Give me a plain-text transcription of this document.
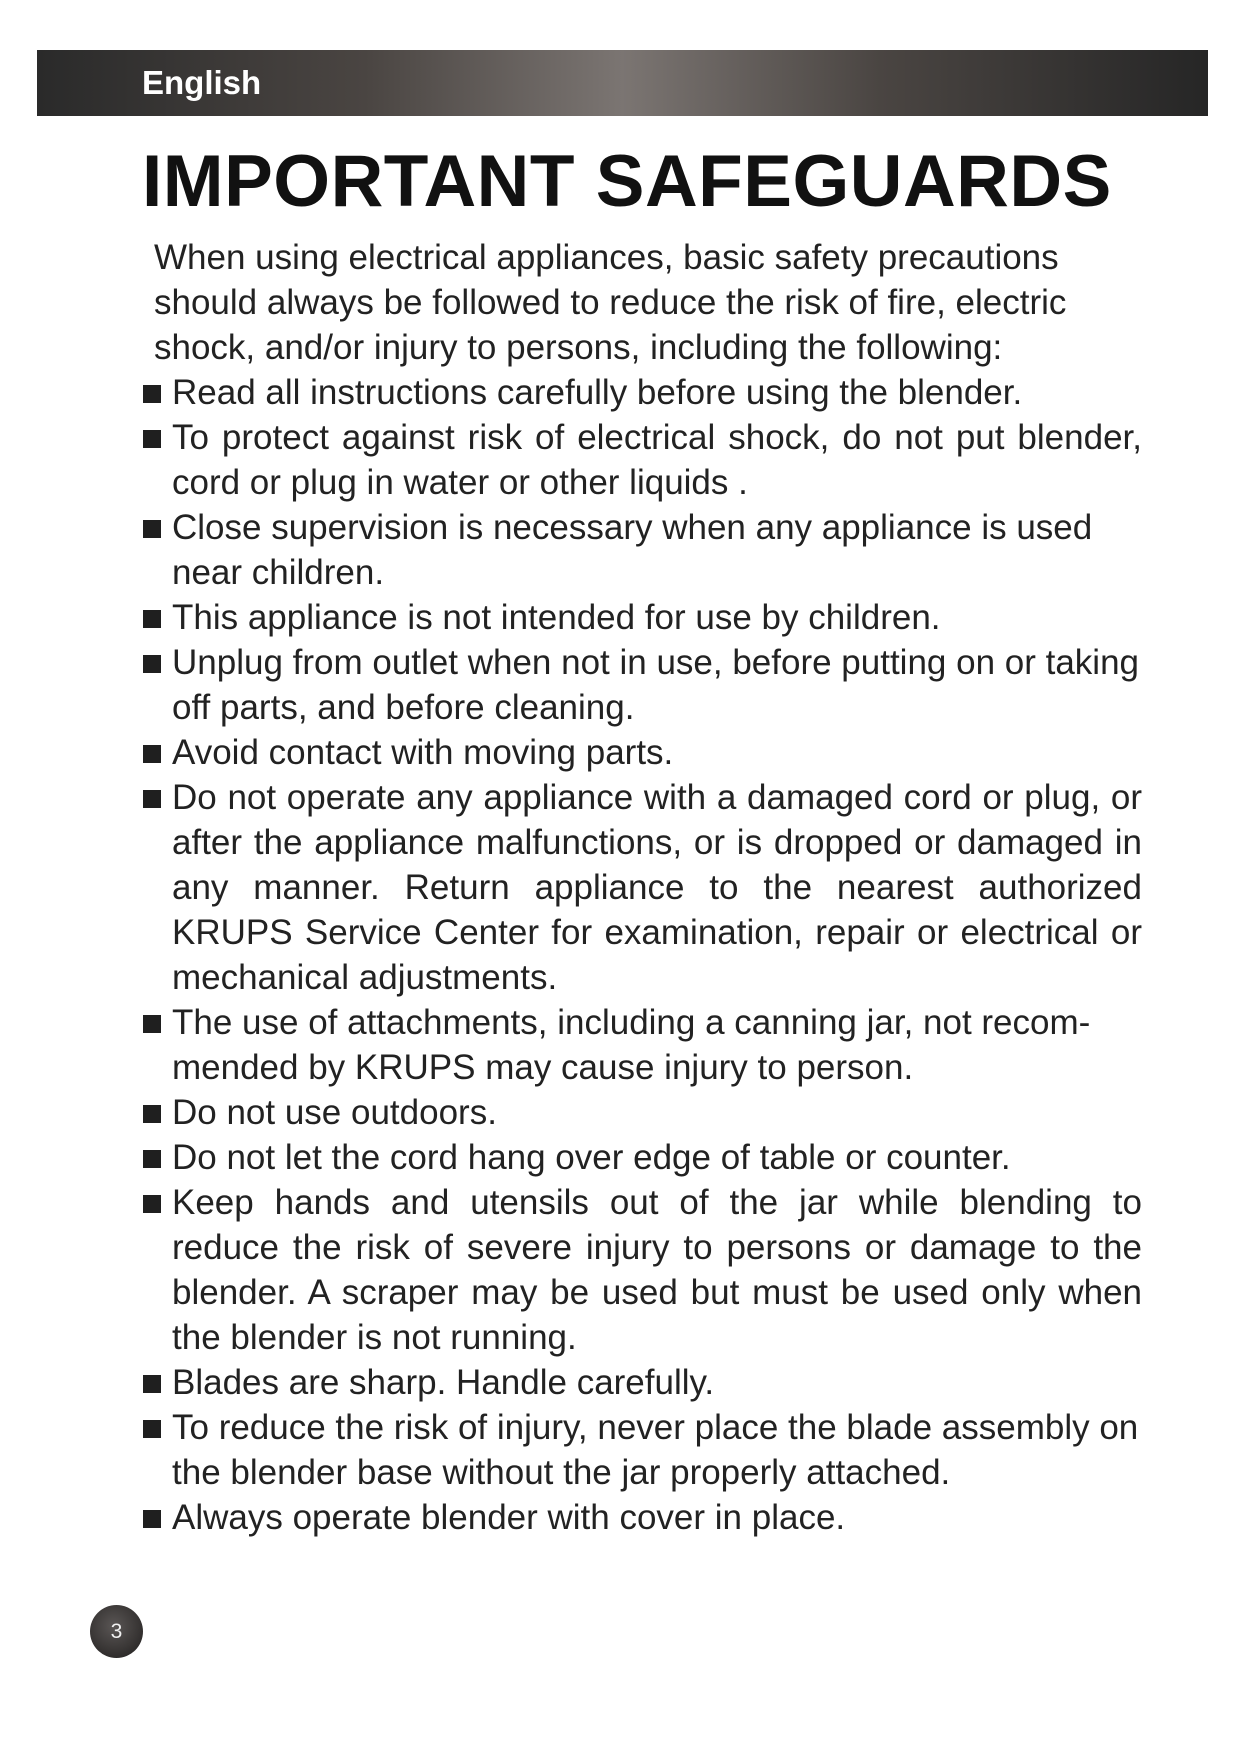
English
IMPORTANT SAFEGUARDS

When using electrical appliances, basic safety precautions should always be followed to reduce the risk of fire, electric shock, and/or injury to persons, including the following:

Read all instructions carefully before using the blender.
To protect against risk of electrical shock, do not put blender, cord or plug in water or other liquids .
Close supervision is necessary when any appliance is used near children.
This appliance is not intended for use by children.
Unplug from outlet when not in use, before putting on or taking off parts, and before cleaning.
Avoid contact with moving parts.
Do not operate any appliance with a damaged cord or plug, or after the appliance malfunctions, or is dropped or damaged in any manner. Return appliance to the nearest authorized KRUPS Service Center for examination, repair or electrical or mechanical adjustments.
The use of attachments, including a canning jar, not recom- mended by KRUPS may cause injury to person.
Do not use outdoors.
Do not let the cord hang over edge of table or counter.
Keep hands and utensils out of the jar while blending to reduce the risk of severe injury to persons or damage to the blender. A scraper may be used but must be used only when the blender is not running.
Blades are sharp. Handle carefully.
To reduce the risk of injury, never place the blade assembly on the blender base without the jar properly attached.
Always operate blender with cover in place.
3
